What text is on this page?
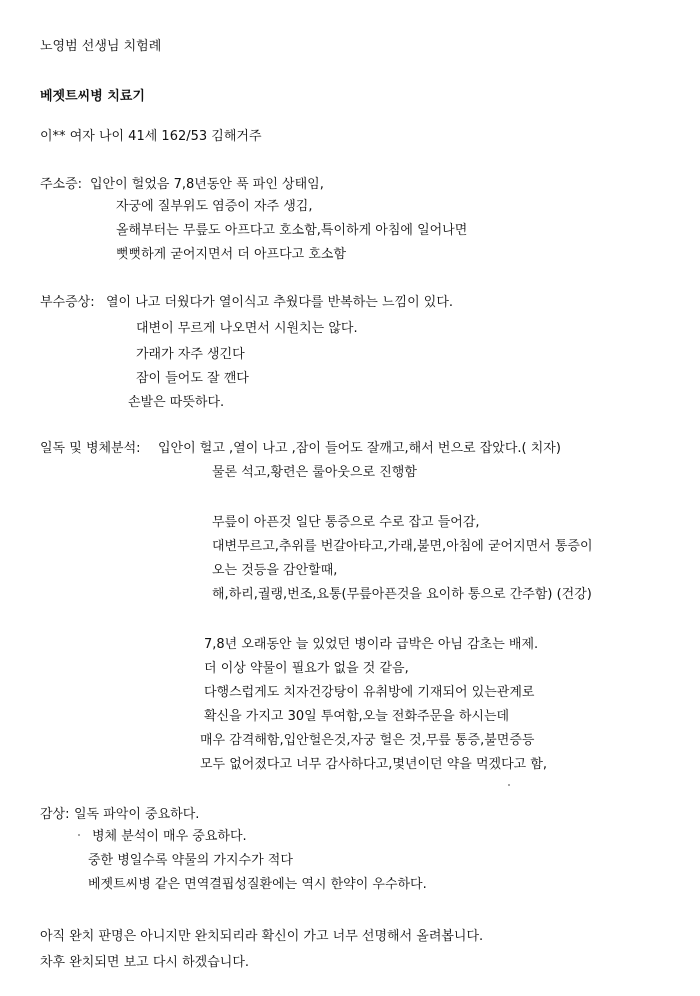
노영범 선생님 치험례
베젯트씨병 치료기
이** 여자 나이 41세 162/53 김해거주
주소증: 입안이 헐었음 7,8년동안 푹 파인 상태임,
자궁에 질부위도 염증이 자주 생김,
올해부터는 무릎도 아프다고 호소함,특이하게 아침에 일어나면
뻣뻣하게 굳어지면서 더 아프다고 호소함
부수증상: 열이 나고 더웠다가 열이식고 추웠다를 반복하는 느낌이 있다.
대변이 무르게 나오면서 시원치는 않다.
가래가 자주 생긴다
잠이 들어도 잘 깬다
손발은 따뜻하다.
일독 및 병체분석: 입안이 헐고 ,열이 나고 ,잠이 들어도 잘깨고,해서 번으로 잡았다.( 치자)
물론 석고,황련은 룰아웃으로 진행함
무릎이 아픈것 일단 통증으로 수로 잡고 들어감,
대변무르고,추위를 번갈아타고,가래,불면,아침에 굳어지면서 통증이
오는 것등을 감안할때,
해,하리,궐랭,번조,요통(무릎아픈것을 요이하 통으로 간주함) (건강)
7,8년 오래동안 늘 있었던 병이라 급박은 아님 감초는 배제.
더 이상 약물이 필요가 없을 것 같음,
다행스럽게도 치자건강탕이 유취방에 기재되어 있는관계로
확신을 가지고 30일 투여함,오늘 전화주문을 하시는데
매우 감격해함,입안헐은것,자궁 헐은 것,무릎 통증,불면증등
모두 없어졌다고 너무 감사하다고,몇년이던 약을 먹겠다고 함,
감상: 일독 파악이 중요하다.
병체 분석이 매우 중요하다.
중한 병일수록 약물의 가지수가 적다
베젯트씨병 같은 면역결핍성질환에는 역시 한약이 우수하다.
아직 완치 판명은 아니지만 완치되리라 확신이 가고 너무 선명해서 올려봅니다.
차후 완치되면 보고 다시 하겠습니다.
